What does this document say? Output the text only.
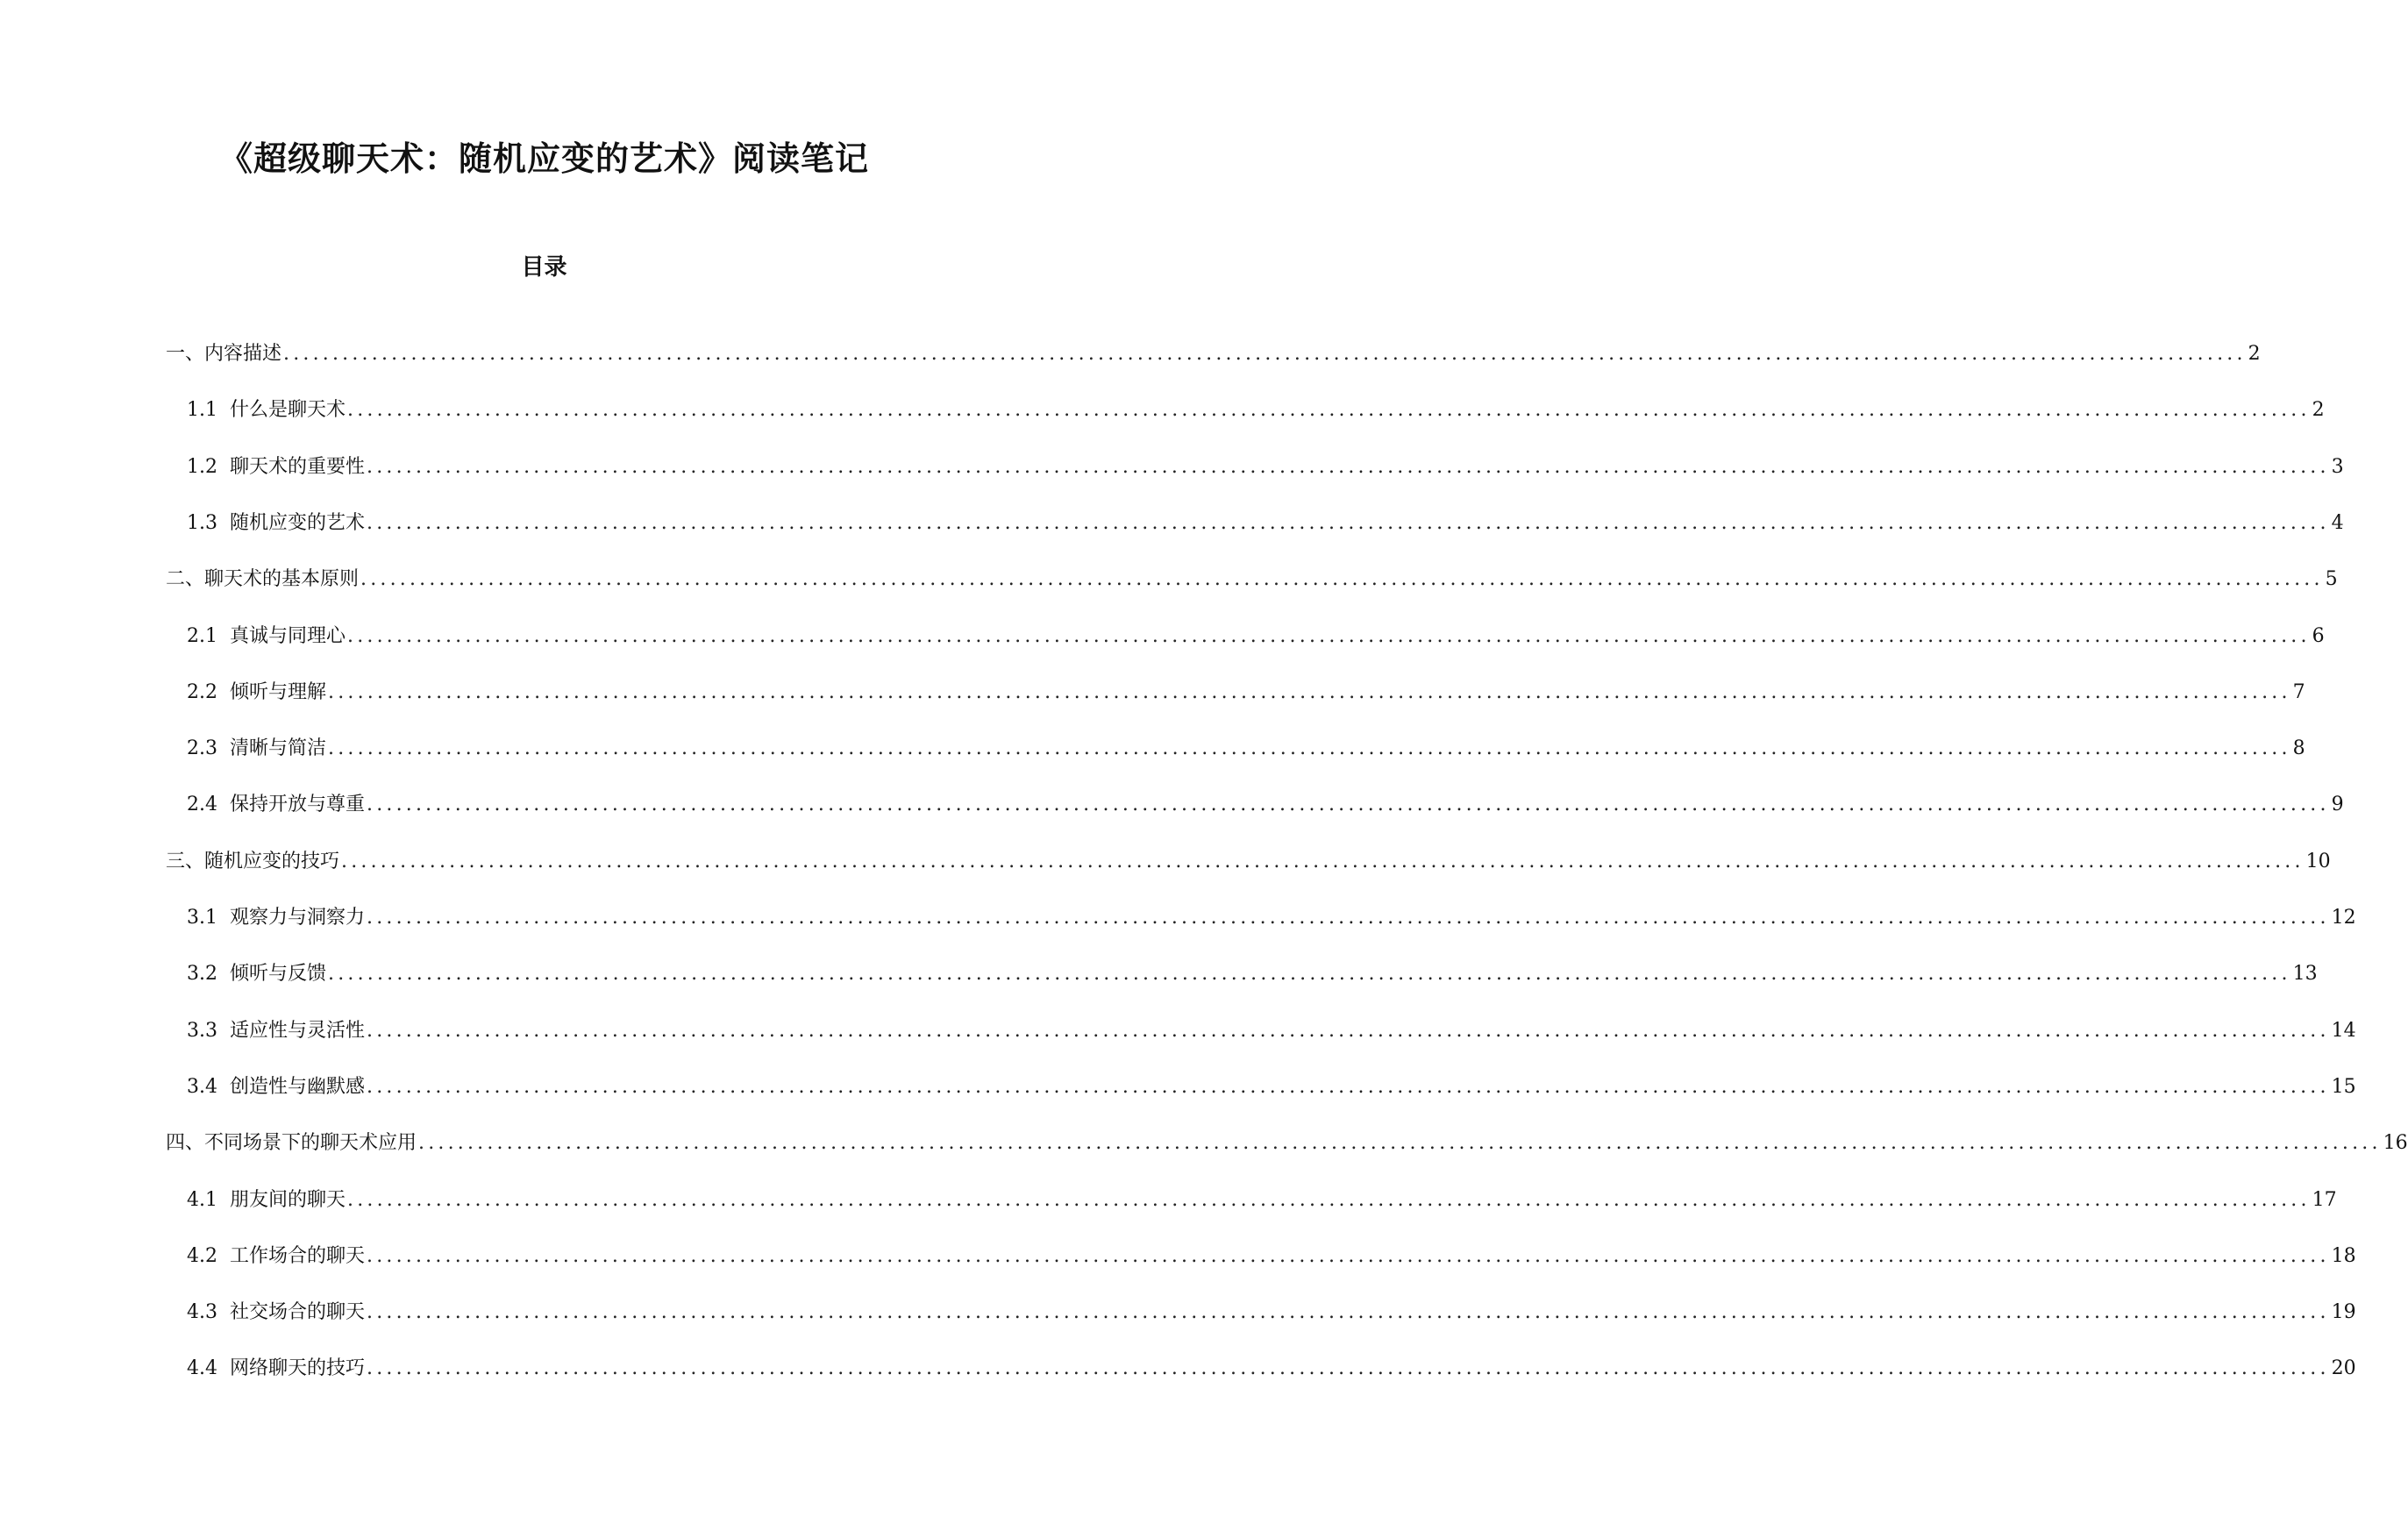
《超级聊天术：随机应变的艺术》阅读笔记
目录
一、内容描述 ........................................................................................................................................................................................................ 2
1.1
什么是聊天术 ........................................................................................................................................................................................................ 2
1.2
聊天术的重要性 ........................................................................................................................................................................................................ 3
1.3
随机应变的艺术 ........................................................................................................................................................................................................ 4
二、聊天术的基本原则 ........................................................................................................................................................................................................ 5
2.1
真诚与同理心 ........................................................................................................................................................................................................ 6
2.2
倾听与理解 ........................................................................................................................................................................................................ 7
2.3
清晰与简洁 ........................................................................................................................................................................................................ 8
2.4
保持开放与尊重 ........................................................................................................................................................................................................ 9
三、随机应变的技巧 ........................................................................................................................................................................................................ 10
3.1
观察力与洞察力 ........................................................................................................................................................................................................ 12
3.2
倾听与反馈 ........................................................................................................................................................................................................ 13
3.3
适应性与灵活性 ........................................................................................................................................................................................................ 14
3.4
创造性与幽默感 ........................................................................................................................................................................................................ 15
四、不同场景下的聊天术应用 ........................................................................................................................................................................................................ 16
4.1
朋友间的聊天 ........................................................................................................................................................................................................ 17
4.2
工作场合的聊天 ........................................................................................................................................................................................................ 18
4.3
社交场合的聊天 ........................................................................................................................................................................................................ 19
4.4
网络聊天的技巧 ........................................................................................................................................................................................................ 20
